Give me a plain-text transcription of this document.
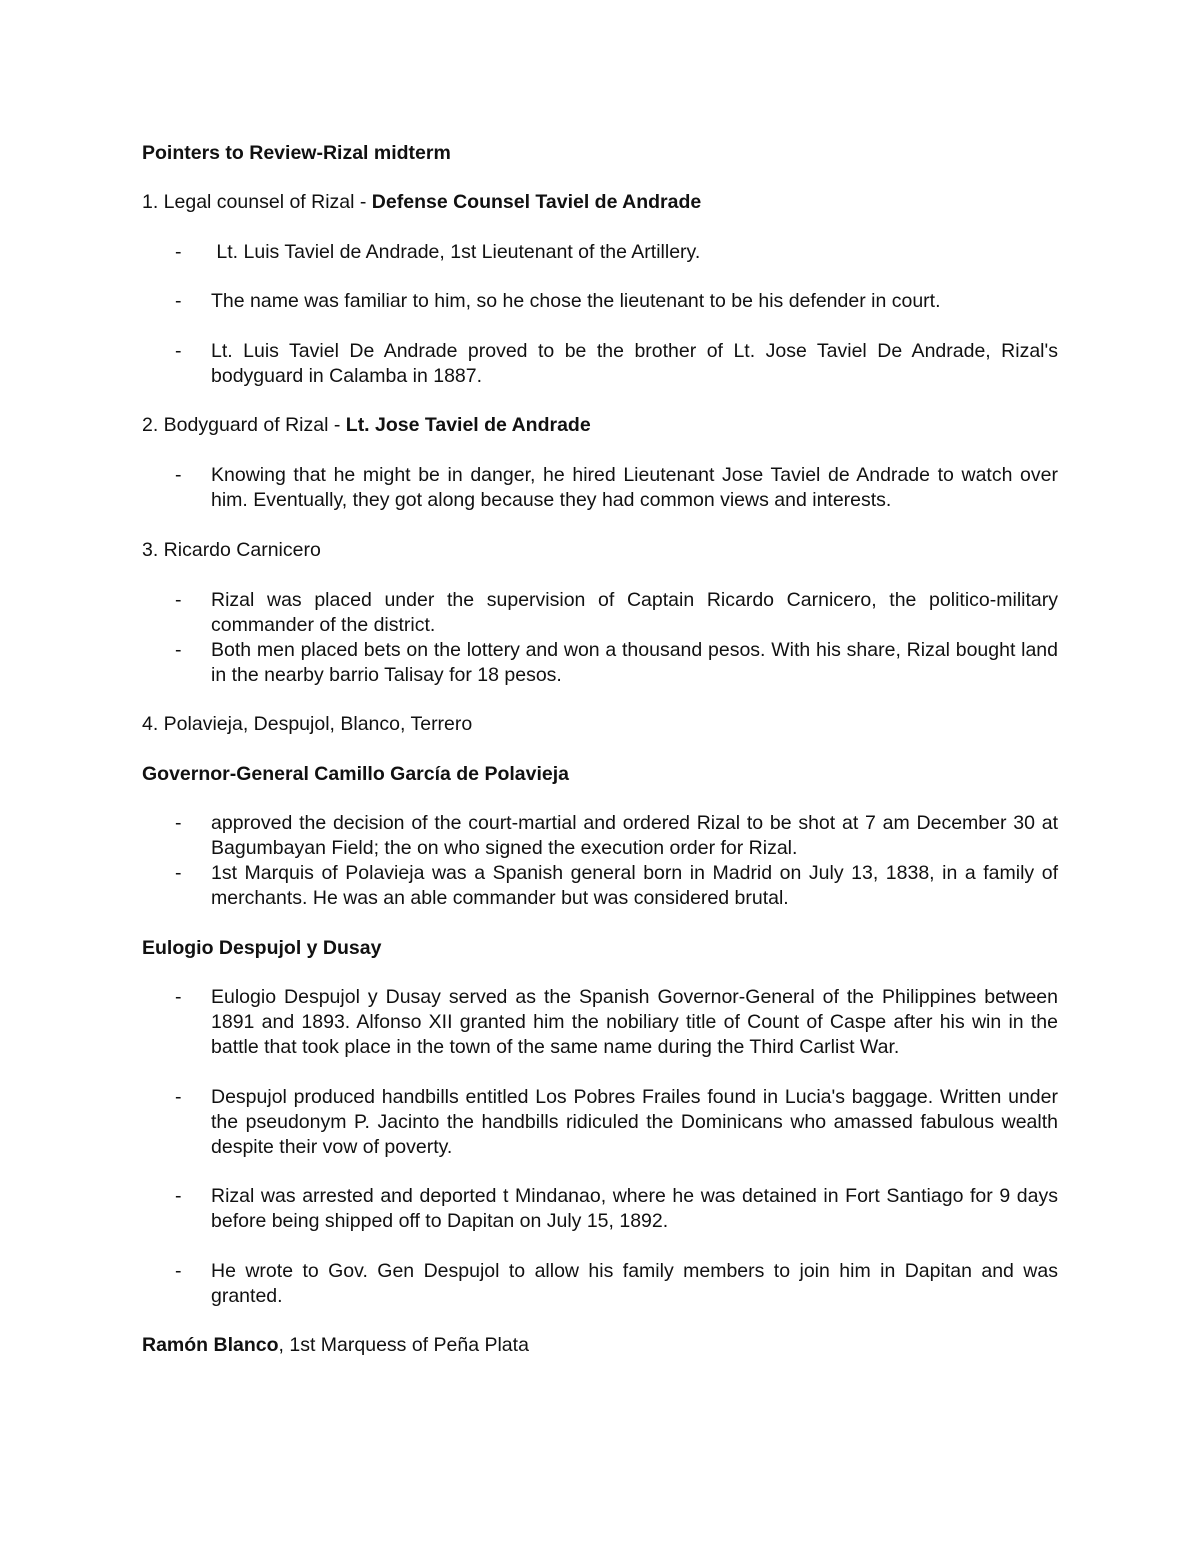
Pointers to Review-Rizal midterm

1. Legal counsel of Rizal - Defense Counsel Taviel de Andrade

- Lt. Luis Taviel de Andrade, 1st Lieutenant of the Artillery.
- The name was familiar to him, so he chose the lieutenant to be his defender in court.
- Lt. Luis Taviel De Andrade proved to be the brother of Lt. Jose Taviel De Andrade, Rizal's bodyguard in Calamba in 1887.

2. Bodyguard of Rizal - Lt. Jose Taviel de Andrade

- Knowing that he might be in danger, he hired Lieutenant Jose Taviel de Andrade to watch over him. Eventually, they got along because they had common views and interests.

3. Ricardo Carnicero

- Rizal was placed under the supervision of Captain Ricardo Carnicero, the politico-military commander of the district.
- Both men placed bets on the lottery and won a thousand pesos. With his share, Rizal bought land in the nearby barrio Talisay for 18 pesos.

4. Polavieja, Despujol, Blanco, Terrero

Governor-General Camillo García de Polavieja

- approved the decision of the court-martial and ordered Rizal to be shot at 7 am December 30 at Bagumbayan Field; the on who signed the execution order for Rizal.
- 1st Marquis of Polavieja was a Spanish general born in Madrid on July 13, 1838, in a family of merchants. He was an able commander but was considered brutal.

Eulogio Despujol y Dusay

- Eulogio Despujol y Dusay served as the Spanish Governor-General of the Philippines between 1891 and 1893. Alfonso XII granted him the nobiliary title of Count of Caspe after his win in the battle that took place in the town of the same name during the Third Carlist War.
- Despujol produced handbills entitled Los Pobres Frailes found in Lucia's baggage. Written under the pseudonym P. Jacinto the handbills ridiculed the Dominicans who amassed fabulous wealth despite their vow of poverty.
- Rizal was arrested and deported t Mindanao, where he was detained in Fort Santiago for 9 days before being shipped off to Dapitan on July 15, 1892.
- He wrote to Gov. Gen Despujol to allow his family members to join him in Dapitan and was granted.

Ramón Blanco, 1st Marquess of Peña Plata
